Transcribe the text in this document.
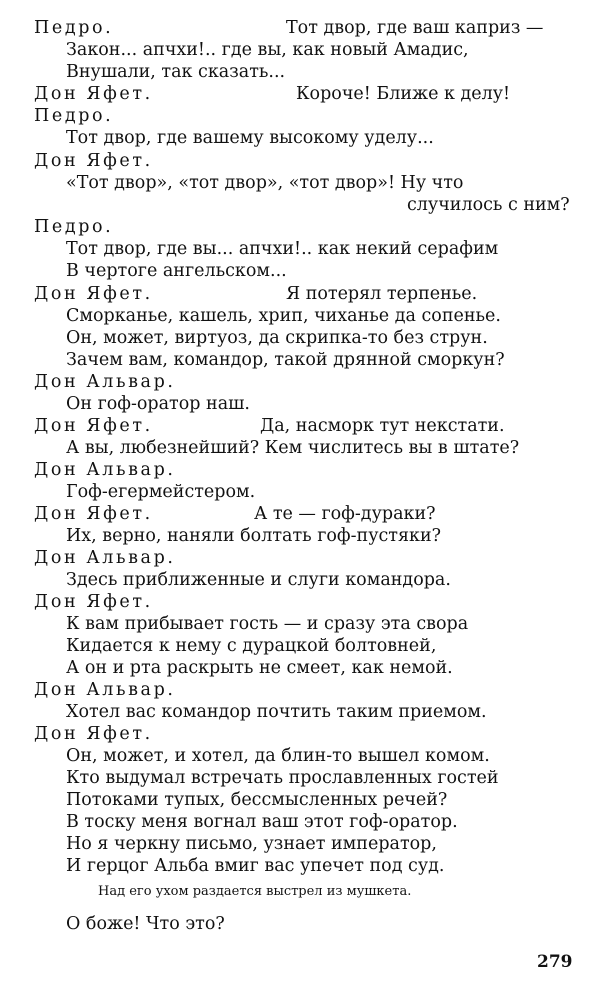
Педро.	Тот двор, где ваш каприз —
Закон... апчхи!.. где вы, как новый Амадис,
Внушали, так сказать...
Дон Яфет.	Короче! Ближе к делу!
Педро.
Тот двор, где вашему высокому уделу...
Дон Яфет.
«Тот двор», «тот двор», «тот двор»! Ну что
случилось с ним?
Педро.
Тот двор, где вы... апчхи!.. как некий серафим
В чертоге ангельском...
Дон Яфет.	Я потерял терпенье.
Сморканье, кашель, хрип, чиханье да сопенье.
Он, может, виртуоз, да скрипка-то без струн.
Зачем вам, командор, такой дрянной сморкун?
Дон Альвар.
Он гоф-оратор наш.
Дон Яфет.	Да, насморк тут некстати.
А вы, любезнейший? Кем числитесь вы в штате?
Дон Альвар.
Гоф-егермейстером.
Дон Яфет.	А те — гоф-дураки?
Их, верно, наняли болтать гоф-пустяки?
Дон Альвар.
Здесь приближенные и слуги командора.
Дон Яфет.
К вам прибывает гость — и сразу эта свора
Кидается к нему с дурацкой болтовней,
А он и рта раскрыть не смеет, как немой.
Дон Альвар.
Хотел вас командор почтить таким приемом.
Дон Яфет.
Он, может, и хотел, да блин-то вышел комом.
Кто выдумал встречать прославленных гостей
Потоками тупых, бессмысленных речей?
В тоску меня вогнал ваш этот гоф-оратор.
Но я черкну письмо, узнает император,
И герцог Альба вмиг вас упечет под суд.
Над его ухом раздается выстрел из мушкета.
О боже! Что это?
279
